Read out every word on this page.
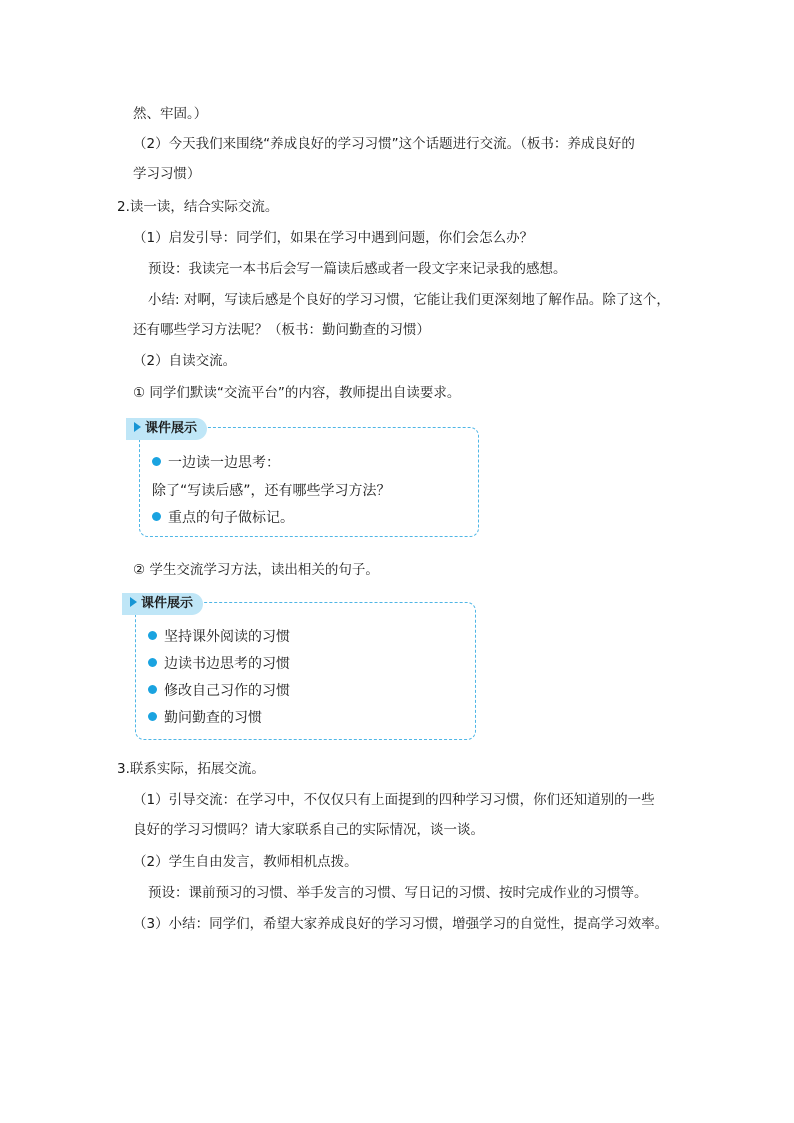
然、牢固。）
（2）今天我们来围绕“养成良好的学习习惯”这个话题进行交流。（板书：养成良好的
学习习惯）
2.读一读，结合实际交流。
（1）启发引导：同学们，如果在学习中遇到问题，你们会怎么办？
预设：我读完一本书后会写一篇读后感或者一段文字来记录我的感想。
小结: 对啊，写读后感是个良好的学习习惯，它能让我们更深刻地了解作品。除了这个，
还有哪些学习方法呢？（板书：勤问勤查的习惯）
（2）自读交流。
① 同学们默读“交流平台”的内容，教师提出自读要求。
课件展示
一边读一边思考：
除了“写读后感”，还有哪些学习方法？
重点的句子做标记。
② 学生交流学习方法，读出相关的句子。
课件展示
坚持课外阅读的习惯
边读书边思考的习惯
修改自己习作的习惯
勤问勤查的习惯
3.联系实际，拓展交流。
（1）引导交流：在学习中，不仅仅只有上面提到的四种学习习惯，你们还知道别的一些
良好的学习习惯吗？请大家联系自己的实际情况，谈一谈。
（2）学生自由发言，教师相机点拨。
预设：课前预习的习惯、举手发言的习惯、写日记的习惯、按时完成作业的习惯等。
（3）小结：同学们，希望大家养成良好的学习习惯，增强学习的自觉性，提高学习效率。
